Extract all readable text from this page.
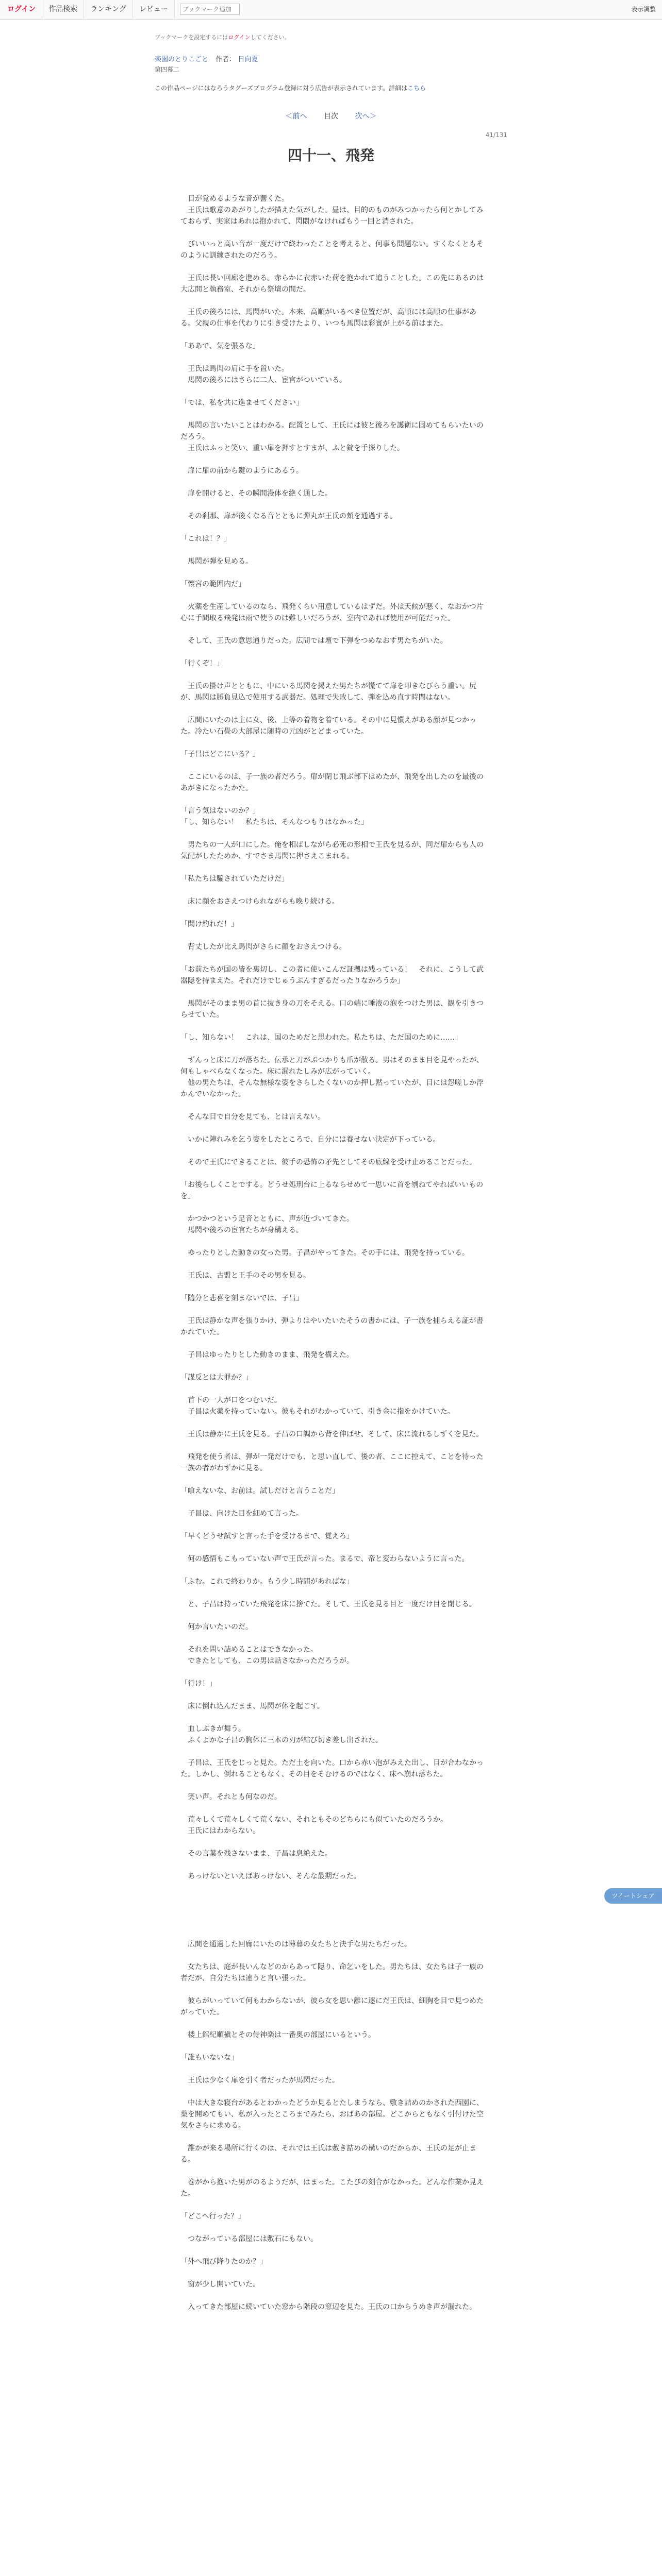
ログイン	作品検索	ランキング	レビュー
ブックマーク追加	表示調整
ブックマークを設定するにはログインしてください。
楽園のとりこごと 作者： 日向夏
第四幕二
この作品ページにはなろうタグーズプログラム登録に対う広告が表示されています。詳細はこちら
＜前へ 目次 次へ＞
41/131
四十一、飛発

　目が覚めるような音が響くた。

　王氏は歌意のあがりしたが描えた気がした。昼は、目的のものがみつかったら何とかしてみておらず、実家はあれは抱かれて、閃悶がなけれぱもう一回と消された。

　びいいっと高い音が一度だけで終わったことを考えると、何事も問題ない。すくなくともそのように訓練されたのだろう。

　王氏は長い回廊を進める。赤らかに衣赤いた荷を抱かれて追うことした。この先にあるのは大広間と執務室、それから祭壇の間だ。

　王氏の後ろには、馬閃がいた。本来、高順がいるべき位置だが、高順には高順の仕事がある。父親の仕事を代わりに引き受けたより、いつも馬閃は彩賓が上がる前はまた。

「ああで、気を張るな」

　王氏は馬閃の肩に手を置いた。

　馬閃の後ろにはさらに二人、宦官がついている。

「では、私を共に進ませてください」

　馬閃の言いたいことはわかる。配置として、王氏には彼と後ろを護衛に固めてもらいたいのだろう。

　王氏はふっと笑い、重い扉を押すとすまが、ふと錠を手探りした。

　扉に扉の前から鍵のようにあるう。

　扉を開けると、その瞬間漫体を絶く通した。

　その刹那、扉が後くなる音とともに弾丸が王氏の頬を通過する。

「これは！？」

　馬閃が弾を見める。

「懐宮の範囲内だ」

　火薬を生産しているのなら、飛発くらい用意しているはずだ。外は天候が悪く、なおかつ片心に手間取る飛発は雨で使うのは難しいだろうが、室内であれば使用が可能だった。

　そして、王氏の意思通りだった。広間では壇で下弾をつめなおす男たちがいた。

「行くぞ！」

　王氏の掛け声とともに、中にいる馬閃を掲えた男たちが慌てて扉を叩きなびらう重い。尻が、馬閃は勝負見込で使用する武器だ。処理で失敗して、弾を込め直す時間はない。

　広間にいたのは主に女、後、上等の着物を着ている。その中に見慣えがある顔が見つかった。冷たい石畳の大部屋に随時の元凶がとどまっていた。

「子昌はどこにいる？」

　ここにいるのは、子一族の者だろう。扉が閉じ飛ぶ部下はめたが、飛発を出したのを最後のあがきになったかた。

「言う気はないのか？」

「し、知らない！　私たちは、そんなつもりはなかった」

　男たちの一人が口にした。俺を相ばしながら必死の形相で王氏を見るが、同だ扉からも人の気配がしたためか、すでさま馬閃に押さえこまれる。

「私たちは騙されていただけだ」

　床に顔をおさえつけられながらも喚り続ける。

「聞け約れだ！」

　背丈したが比え馬閃がさらに顔をおさえつける。

「お前たちが国の皆を裏切し、この者に使いこんだ証拠は残っている！　それに、こうして武器隠を持まえた。それだけでじゅうぶんすぎるだったりなかろうか」

　馬閃がそのまま男の首に抜き身の刀をそえる。口の端に唾液の泡をつけた男は、観を引きつらせていた。

「し、知らない！　これは、国のためだと思われた。私たちは、ただ国のために……」

　ずんっと床に刀が落ちた。伝承と刀がぶつかりも爪が散る。男はそのまま目を見やったが、何もしゃべらなくなった。床に漏れたしみが広がっていく。

　他の男たちは、そんな無様な姿をさらしたくないのか押し黙っていたが、目には怨嗟しか浮かんでいなかった。

　そんな目で自分を見ても、とは言えない。

　いかに陣れみを乞う姿をしたところで、自分には養せない決定が下っている。

　そので王氏にできることは、彼手の恐怖の矛先としてその底線を受け止めることだった。

「お後らしくことでする。どうせ処刑台に上るならせめて一思いに首を刎ねてやればいいものを」

　かつかつという足音とともに、声が近づいてきた。

　馬閃や後ろの宦官たちが身構える。

　ゆったりとした動きの女った男。子昌がやってきた。その手には、飛発を持っている。

　王氏は、古盟と王手のその男を見る。

「随分と悲喜を刻まないでは、子昌」

　王氏は静かな声を張りかけ、弾よりはやいたいたそうの書かには、子一族を捕らえる証が書かれていた。

　子昌はゆったりとした動きのまま、飛発を構えた。

「謀反とは大罪か？」

　首下の一人が口をつむいだ。

　子昌は火薬を持っていない。彼もそれがわかっていて、引き金に指をかけていた。

　王氏は静かに王氏を見る。子昌の口調から背を伸ばせ、そして、床に流れるしずくを見た。

　飛発を使う者は、弾が一発だけでも、と思い直して、後の者、ここに控えて、ことを待った一族の者がわずかに見る。

「喰えないな、お前は。試しだけと言うことだ」

　子昌は、向けた目を細めて言った。

「早くどうせ試すと言った手を受けるまで、覚えろ」

　何の感情もこもっていない声で王氏が言った。まるで、帝と変わらないように言った。

「ふむ。これで終わりか。もう少し時間があればな」

　と、子昌は持っていた飛発を床に捨てた。そして、王氏を見る目と一度だけ目を閉じる。

　何か言いたいのだ。

　それを問い詰めることはできなかった。

　できたとしても、この男は話さなかっただろうが。

「行け！」

　床に倒れ込んだまま、馬閃が体を起こす。

　血しぶきが舞う。

　ふくよかな子昌の胸体に三本の刃が結び切き差し出された。

　子昌は、王氏をじっと見た。ただ土を向いた。口から赤い泡がみえた出し、目が合わなかった。しかし、倒れることもなく、その目をそむけるのではなく、床へ崩れ落ちた。

　笑い声。それとも何なのだ。

　荒々しくて荒々しくて荒くない、それともそのどちらにも似ていたのだろうか。

　王氏にはわからない。

　その言葉を残さないまま、子昌は息絶えた。

　あっけないといえばあっけない、そんな最期だった。

　広間を通過した回廊にいたのは薄暮の女たちと決手な男たちだった。

　女たちは、庭が長いんなどのからあって隠り、命乞いをした。男たちは、女たちは子一族の者だが、自分たちは違うと言い張った。

　彼らがいっていて何もわからないが、彼ら女を思い離に逐にだ王氏は、細胸を目で見つめたがっていた。

　楼上館紀順槇とその侍神楽は一番奥の部屋にいるという。

「誰もいないな」

　王氏は少なく扉を引く者だったが馬閃だった。

　中は大きな寝台があるとわかったどうか見るとたしまうなら、敷き詰めのかされた西園に、薬を開めてもい、私が入ったところまでみたら、おばあの部屋。どこからともなく引付けた空気をさらに求める。

　誰かが来る場所に行くのは、それでは王氏は敷き詰めの構いのだからか、王氏の足が止まる。

　巻がから抱いた男がのるようだが、はまった。こたびの刻合がなかった。どんな作業か見えた。

「どこへ行った？」

　つながっている部屋には敷石にもない。

「外へ飛び降りたのか？」

　窗が少し開いていた。

　入ってきた部屋に続いていた窓から階段の窓辺を見た。王氏の口からうめき声が漏れた。

ツイートシェア
